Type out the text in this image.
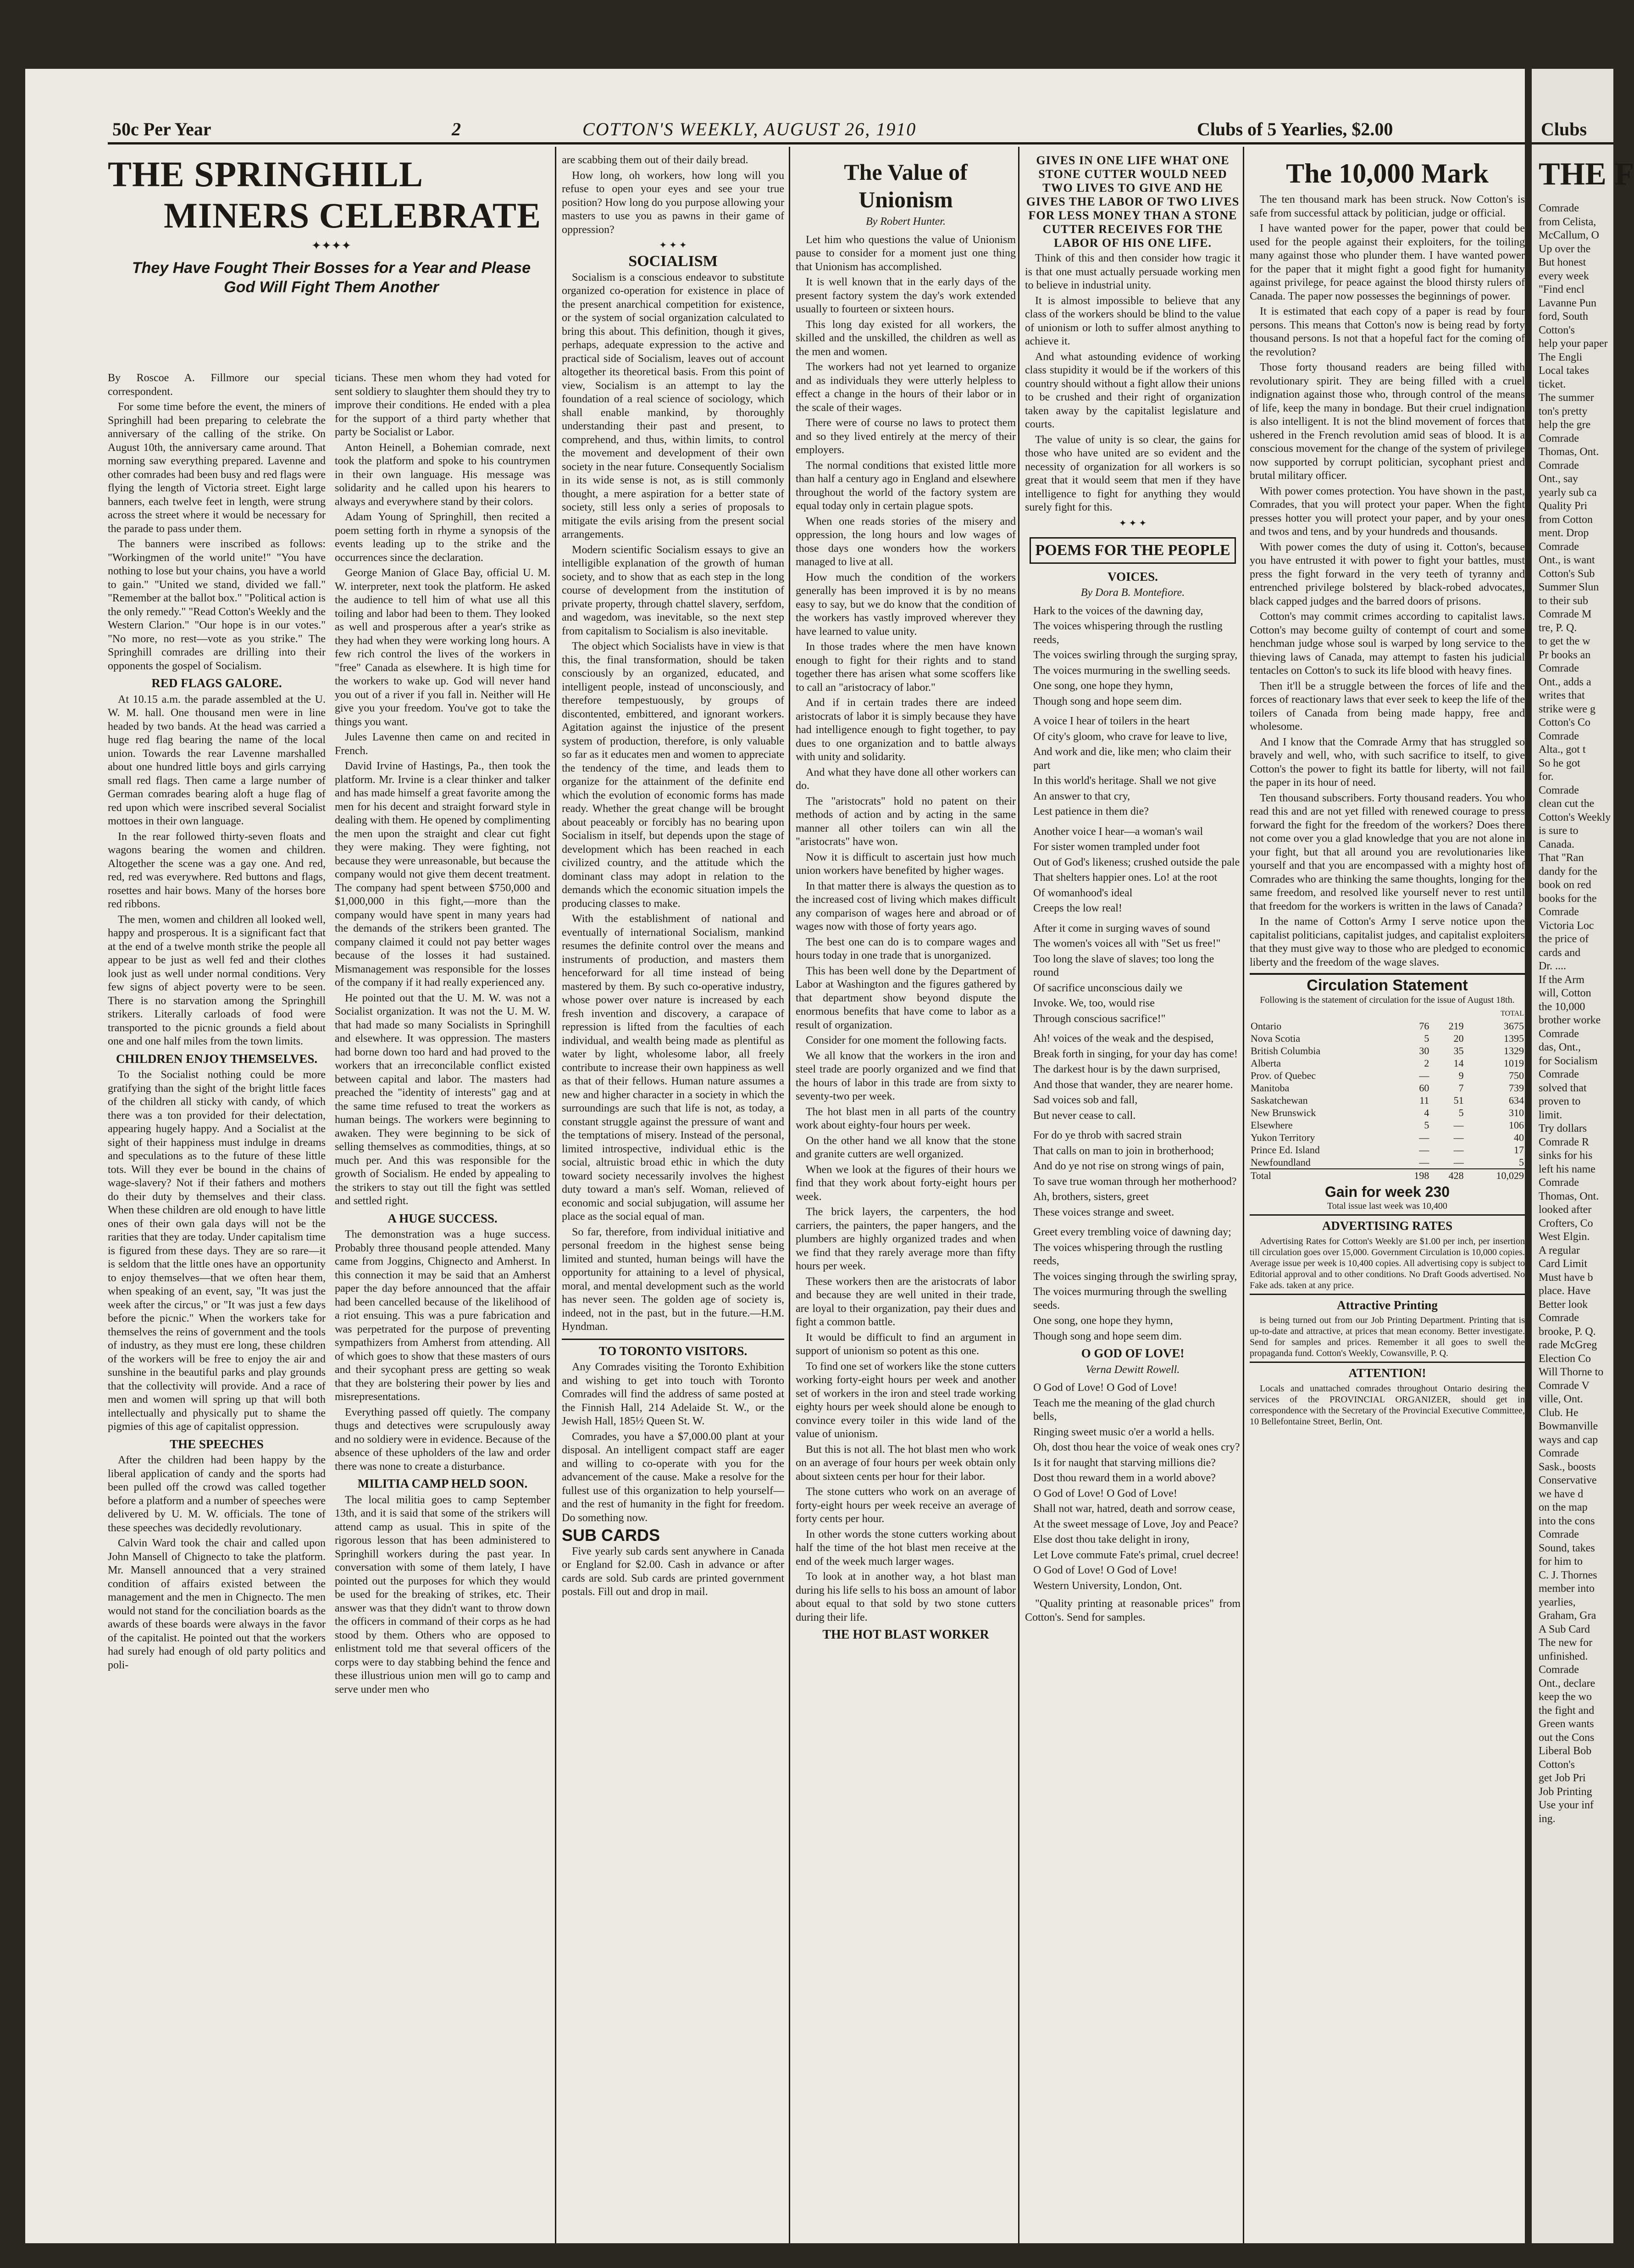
50c Per Year	2	COTTON'S WEEKLY, AUGUST 26, 1910	Clubs of 5 Yearlies, $2.00
THE SPRINGHILL
MINERS CELEBRATE
✦✦✦✦
They Have Fought Their Bosses for a Year and Please God Will Fight Them Another

By Roscoe A. Fillmore our special correspondent.

For some time before the event, the miners of Springhill had been preparing to celebrate the anniversary of the calling of the strike. On August 10th, the anniversary came around. That morning saw everything prepared. Lavenne and other comrades had been busy and red flags were flying the length of Victoria street. Eight large banners, each twelve feet in length, were strung across the street where it would be necessary for the parade to pass under them.

The banners were inscribed as follows: "Workingmen of the world unite!" "You have nothing to lose but your chains, you have a world to gain." "United we stand, divided we fall." "Remember at the ballot box." "Political action is the only remedy." "Read Cotton's Weekly and the Western Clarion." "Our hope is in our votes." "No more, no rest—vote as you strike." The Springhill comrades are drilling into their opponents the gospel of Socialism.

RED FLAGS GALORE.

At 10.15 a.m. the parade assembled at the U. W. M. hall. One thousand men were in line headed by two bands. At the head was carried a huge red flag bearing the name of the local union. Towards the rear Lavenne marshalled about one hundred little boys and girls carrying small red flags. Then came a large number of German comrades bearing aloft a huge flag of red upon which were inscribed several Socialist mottoes in their own language.

In the rear followed thirty-seven floats and wagons bearing the women and children. Altogether the scene was a gay one. And red, red, red was everywhere. Red buttons and flags, rosettes and hair bows. Many of the horses bore red ribbons.

The men, women and children all looked well, happy and prosperous. It is a significant fact that at the end of a twelve month strike the people all appear to be just as well fed and their clothes look just as well under normal conditions. Very few signs of abject poverty were to be seen. There is no starvation among the Springhill strikers. Literally carloads of food were transported to the picnic grounds a field about one and one half miles from the town limits.

CHILDREN ENJOY THEMSELVES.

To the Socialist nothing could be more gratifying than the sight of the bright little faces of the children all sticky with candy, of which there was a ton provided for their delectation, appearing hugely happy. And a Socialist at the sight of their happiness must indulge in dreams and speculations as to the future of these little tots. Will they ever be bound in the chains of wage-slavery? Not if their fathers and mothers do their duty by themselves and their class. When these children are old enough to have little ones of their own gala days will not be the rarities that they are today. Under capitalism time is figured from these days. They are so rare—it is seldom that the little ones have an opportunity to enjoy themselves—that we often hear them, when speaking of an event, say, "It was just the week after the circus," or "It was just a few days before the picnic." When the workers take for themselves the reins of government and the tools of industry, as they must ere long, these children of the workers will be free to enjoy the air and sunshine in the beautiful parks and play grounds that the collectivity will provide. And a race of men and women will spring up that will both intellectually and physically put to shame the pigmies of this age of capitalist oppression.

THE SPEECHES

After the children had been happy by the liberal application of candy and the sports had been pulled off the crowd was called together before a platform and a number of speeches were delivered by U. M. W. officials. The tone of these speeches was decidedly revolutionary.

Calvin Ward took the chair and called upon John Mansell of Chignecto to take the platform. Mr. Mansell announced that a very strained condition of affairs existed between the management and the men in Chignecto. The men would not stand for the conciliation boards as the awards of these boards were always in the favor of the capitalist. He pointed out that the workers had surely had enough of old party politics and poli-

ticians. These men whom they had voted for sent soldiery to slaughter them should they try to improve their conditions. He ended with a plea for the support of a third party whether that party be Socialist or Labor.

Anton Heinell, a Bohemian comrade, next took the platform and spoke to his countrymen in their own language. His message was solidarity and he called upon his hearers to always and everywhere stand by their colors.

Adam Young of Springhill, then recited a poem setting forth in rhyme a synopsis of the events leading up to the strike and the occurrences since the declaration.

George Manion of Glace Bay, official U. M. W. interpreter, next took the platform. He asked the audience to tell him of what use all this toiling and labor had been to them. They looked as well and prosperous after a year's strike as they had when they were working long hours. A few rich control the lives of the workers in "free" Canada as elsewhere. It is high time for the workers to wake up. God will never hand you out of a river if you fall in. Neither will He give you your freedom. You've got to take the things you want.

Jules Lavenne then came on and recited in French.

David Irvine of Hastings, Pa., then took the platform. Mr. Irvine is a clear thinker and talker and has made himself a great favorite among the men for his decent and straight forward style in dealing with them. He opened by complimenting the men upon the straight and clear cut fight they were making. They were fighting, not because they were unreasonable, but because the company would not give them decent treatment. The company had spent between $750,000 and $1,000,000 in this fight,—more than the company would have spent in many years had the demands of the strikers been granted. The company claimed it could not pay better wages because of the losses it had sustained. Mismanagement was responsible for the losses of the company if it had really experienced any.

He pointed out that the U. M. W. was not a Socialist organization. It was not the U. M. W. that had made so many Socialists in Springhill and elsewhere. It was oppression. The masters had borne down too hard and had proved to the workers that an irreconcilable conflict existed between capital and labor. The masters had preached the "identity of interests" gag and at the same time refused to treat the workers as human beings. The workers were beginning to awaken. They were beginning to be sick of selling themselves as commodities, things, at so much per. And this was responsible for the growth of Socialism. He ended by appealing to the strikers to stay out till the fight was settled and settled right.

A HUGE SUCCESS.

The demonstration was a huge success. Probably three thousand people attended. Many came from Joggins, Chignecto and Amherst. In this connection it may be said that an Amherst paper the day before announced that the affair had been cancelled because of the likelihood of a riot ensuing. This was a pure fabrication and was perpetrated for the purpose of preventing sympathizers from Amherst from attending. All of which goes to show that these masters of ours and their sycophant press are getting so weak that they are bolstering their power by lies and misrepresentations.

Everything passed off quietly. The company thugs and detectives were scrupulously away and no soldiery were in evidence. Because of the absence of these upholders of the law and order there was none to create a disturbance.

MILITIA CAMP HELD SOON.

The local militia goes to camp September 13th, and it is said that some of the strikers will attend camp as usual. This in spite of the rigorous lesson that has been administered to Springhill workers during the past year. In conversation with some of them lately, I have pointed out the purposes for which they would be used for the breaking of strikes, etc. Their answer was that they didn't want to throw down the officers in command of their corps as he had stood by them. Others who are opposed to enlistment told me that several officers of the corps were to day stabbing behind the fence and these illustrious union men will go to camp and serve under men who

are scabbing them out of their daily bread.

How long, oh workers, how long will you refuse to open your eyes and see your true position? How long do you purpose allowing your masters to use you as pawns in their game of oppression?

✦ ✦ ✦

SOCIALISM

Socialism is a conscious endeavor to substitute organized co-operation for existence in place of the present anarchical competition for existence, or the system of social organization calculated to bring this about. This definition, though it gives, perhaps, adequate expression to the active and practical side of Socialism, leaves out of account altogether its theoretical basis. From this point of view, Socialism is an attempt to lay the foundation of a real science of sociology, which shall enable mankind, by thoroughly understanding their past and present, to comprehend, and thus, within limits, to control the movement and development of their own society in the near future. Consequently Socialism in its wide sense is not, as is still commonly thought, a mere aspiration for a better state of society, still less only a series of proposals to mitigate the evils arising from the present social arrangements.

Modern scientific Socialism essays to give an intelligible explanation of the growth of human society, and to show that as each step in the long course of development from the institution of private property, through chattel slavery, serfdom, and wagedom, was inevitable, so the next step from capitalism to Socialism is also inevitable.

The object which Socialists have in view is that this, the final transformation, should be taken consciously by an organized, educated, and intelligent people, instead of unconsciously, and therefore tempestuously, by groups of discontented, embittered, and ignorant workers. Agitation against the injustice of the present system of production, therefore, is only valuable so far as it educates men and women to appreciate the tendency of the time, and leads them to organize for the attainment of the definite end which the evolution of economic forms has made ready. Whether the great change will be brought about peaceably or forcibly has no bearing upon Socialism in itself, but depends upon the stage of development which has been reached in each civilized country, and the attitude which the dominant class may adopt in relation to the demands which the economic situation impels the producing classes to make.

With the establishment of national and eventually of international Socialism, mankind resumes the definite control over the means and instruments of production, and masters them henceforward for all time instead of being mastered by them. By such co-operative industry, whose power over nature is increased by each fresh invention and discovery, a carapace of repression is lifted from the faculties of each individual, and wealth being made as plentiful as water by light, wholesome labor, all freely contribute to increase their own happiness as well as that of their fellows. Human nature assumes a new and higher character in a society in which the surroundings are such that life is not, as today, a constant struggle against the pressure of want and the temptations of misery. Instead of the personal, limited introspective, individual ethic is the social, altruistic broad ethic in which the duty toward society necessarily involves the highest duty toward a man's self. Woman, relieved of economic and social subjugation, will assume her place as the social equal of man.

So far, therefore, from individual initiative and personal freedom in the highest sense being limited and stunted, human beings will have the opportunity for attaining to a level of physical, moral, and mental development such as the world has never seen. The golden age of society is, indeed, not in the past, but in the future.—H.M. Hyndman.

TO TORONTO VISITORS.

Any Comrades visiting the Toronto Exhibition and wishing to get into touch with Toronto Comrades will find the address of same posted at the Finnish Hall, 214 Adelaide St. W., or the Jewish Hall, 185½ Queen St. W.

Comrades, you have a $7,000.00 plant at your disposal. An intelligent compact staff are eager and willing to co-operate with you for the advancement of the cause. Make a resolve for the fullest use of this organization to help yourself—and the rest of humanity in the fight for freedom. Do something now.

SUB CARDS

Five yearly sub cards sent anywhere in Canada or England for $2.00. Cash in advance or after cards are sold. Sub cards are printed government postals. Fill out and drop in mail.

The Value of Unionism

By Robert Hunter.

Let him who questions the value of Unionism pause to consider for a moment just one thing that Unionism has accomplished.

It is well known that in the early days of the present factory system the day's work extended usually to fourteen or sixteen hours.

This long day existed for all workers, the skilled and the unskilled, the children as well as the men and women.

The workers had not yet learned to organize and as individuals they were utterly helpless to effect a change in the hours of their labor or in the scale of their wages.

There were of course no laws to protect them and so they lived entirely at the mercy of their employers.

The normal conditions that existed little more than half a century ago in England and elsewhere throughout the world of the factory system are equal today only in certain plague spots.

When one reads stories of the misery and oppression, the long hours and low wages of those days one wonders how the workers managed to live at all.

How much the condition of the workers generally has been improved it is by no means easy to say, but we do know that the condition of the workers has vastly improved wherever they have learned to value unity.

In those trades where the men have known enough to fight for their rights and to stand together there has arisen what some scoffers like to call an "aristocracy of labor."

And if in certain trades there are indeed aristocrats of labor it is simply because they have had intelligence enough to fight together, to pay dues to one organization and to battle always with unity and solidarity.

And what they have done all other workers can do.

The "aristocrats" hold no patent on their methods of action and by acting in the same manner all other toilers can win all the "aristocrats" have won.

Now it is difficult to ascertain just how much union workers have benefited by higher wages.

In that matter there is always the question as to the increased cost of living which makes difficult any comparison of wages here and abroad or of wages now with those of forty years ago.

The best one can do is to compare wages and hours today in one trade that is unorganized.

This has been well done by the Department of Labor at Washington and the figures gathered by that department show beyond dispute the enormous benefits that have come to labor as a result of organization.

Consider for one moment the following facts.

We all know that the workers in the iron and steel trade are poorly organized and we find that the hours of labor in this trade are from sixty to seventy-two per week.

The hot blast men in all parts of the country work about eighty-four hours per week.

On the other hand we all know that the stone and granite cutters are well organized.

When we look at the figures of their hours we find that they work about forty-eight hours per week.

The brick layers, the carpenters, the hod carriers, the painters, the paper hangers, and the plumbers are highly organized trades and when we find that they rarely average more than fifty hours per week.

These workers then are the aristocrats of labor and because they are well united in their trade, are loyal to their organization, pay their dues and fight a common battle.

It would be difficult to find an argument in support of unionism so potent as this one.

To find one set of workers like the stone cutters working forty-eight hours per week and another set of workers in the iron and steel trade working eighty hours per week should alone be enough to convince every toiler in this wide land of the value of unionism.

But this is not all. The hot blast men who work on an average of four hours per week obtain only about sixteen cents per hour for their labor.

The stone cutters who work on an average of forty-eight hours per week receive an average of forty cents per hour.

In other words the stone cutters working about half the time of the hot blast men receive at the end of the week much larger wages.

To look at in another way, a hot blast man during his life sells to his boss an amount of labor about equal to that sold by two stone cutters during their life.

THE HOT BLAST WORKER

GIVES IN ONE LIFE WHAT ONE STONE CUTTER WOULD NEED TWO LIVES TO GIVE AND HE GIVES THE LABOR OF TWO LIVES FOR LESS MONEY THAN A STONE CUTTER RECEIVES FOR THE LABOR OF HIS ONE LIFE.

Think of this and then consider how tragic it is that one must actually persuade working men to believe in industrial unity.

It is almost impossible to believe that any class of the workers should be blind to the value of unionism or loth to suffer almost anything to achieve it.

And what astounding evidence of working class stupidity it would be if the workers of this country should without a fight allow their unions to be crushed and their right of organization taken away by the capitalist legislature and courts.

The value of unity is so clear, the gains for those who have united are so evident and the necessity of organization for all workers is so great that it would seem that men if they have intelligence to fight for anything they would surely fight for this.

✦ ✦ ✦
POEMS FOR THE PEOPLE

VOICES.

By Dora B. Montefiore.

Hark to the voices of the dawning day,

The voices whispering through the rustling reeds,

The voices swirling through the surging spray,

The voices murmuring in the swelling seeds.

One song, one hope they hymn,

Though song and hope seem dim.

A voice I hear of toilers in the heart

Of city's gloom, who crave for leave to live,

And work and die, like men; who claim their part

In this world's heritage. Shall we not give

An answer to that cry,

Lest patience in them die?

Another voice I hear—a woman's wail

For sister women trampled under foot

Out of God's likeness; crushed outside the pale

That shelters happier ones. Lo! at the root

Of womanhood's ideal

Creeps the low real!

After it come in surging waves of sound

The women's voices all with "Set us free!"

Too long the slave of slaves; too long the round

Of sacrifice unconscious daily we

Invoke. We, too, would rise

Through conscious sacrifice!"

Ah! voices of the weak and the despised,

Break forth in singing, for your day has come!

The darkest hour is by the dawn surprised,

And those that wander, they are nearer home.

Sad voices sob and fall,

But never cease to call.

For do ye throb with sacred strain

That calls on man to join in brotherhood;

And do ye not rise on strong wings of pain,

To save true woman through her motherhood?

Ah, brothers, sisters, greet

These voices strange and sweet.

Greet every trembling voice of dawning day;

The voices whispering through the rustling reeds,

The voices singing through the swirling spray,

The voices murmuring through the swelling seeds.

One song, one hope they hymn,

Though song and hope seem dim.

O GOD OF LOVE!

Verna Dewitt Rowell.

O God of Love! O God of Love!

Teach me the meaning of the glad church bells,

Ringing sweet music o'er a world a hells.

Oh, dost thou hear the voice of weak ones cry?

Is it for naught that starving millions die?

Dost thou reward them in a world above?

O God of Love! O God of Love!

Shall not war, hatred, death and sorrow cease,

At the sweet message of Love, Joy and Peace?

Else dost thou take delight in irony,

Let Love commute Fate's primal, cruel decree!

O God of Love! O God of Love!

Western University, London, Ont.

"Quality printing at reasonable prices" from Cotton's. Send for samples.

The 10,000 Mark

The ten thousand mark has been struck. Now Cotton's is safe from successful attack by politician, judge or official.

I have wanted power for the paper, power that could be used for the people against their exploiters, for the toiling many against those who plunder them. I have wanted power for the paper that it might fight a good fight for humanity against privilege, for peace against the blood thirsty rulers of Canada. The paper now possesses the beginnings of power.

It is estimated that each copy of a paper is read by four persons. This means that Cotton's now is being read by forty thousand persons. Is not that a hopeful fact for the coming of the revolution?

Those forty thousand readers are being filled with revolutionary spirit. They are being filled with a cruel indignation against those who, through control of the means of life, keep the many in bondage. But their cruel indignation is also intelligent. It is not the blind movement of forces that ushered in the French revolution amid seas of blood. It is a conscious movement for the change of the system of privilege now supported by corrupt politician, sycophant priest and brutal military officer.

With power comes protection. You have shown in the past, Comrades, that you will protect your paper. When the fight presses hotter you will protect your paper, and by your ones and twos and tens, and by your hundreds and thousands.

With power comes the duty of using it. Cotton's, because you have entrusted it with power to fight your battles, must press the fight forward in the very teeth of tyranny and entrenched privilege bolstered by black-robed advocates, black capped judges and the barred doors of prisons.

Cotton's may commit crimes according to capitalist laws. Cotton's may become guilty of contempt of court and some henchman judge whose soul is warped by long service to the thieving laws of Canada, may attempt to fasten his judicial tentacles on Cotton's to suck its life blood with heavy fines.

Then it'll be a struggle between the forces of life and the forces of reactionary laws that ever seek to keep the life of the toilers of Canada from being made happy, free and wholesome.

And I know that the Comrade Army that has struggled so bravely and well, who, with such sacrifice to itself, to give Cotton's the power to fight its battle for liberty, will not fail the paper in its hour of need.

Ten thousand subscribers. Forty thousand readers. You who read this and are not yet filled with renewed courage to press forward the fight for the freedom of the workers? Does there not come over you a glad knowledge that you are not alone in your fight, but that all around you are revolutionaries like yourself and that you are encompassed with a mighty host of Comrades who are thinking the same thoughts, longing for the same freedom, and resolved like yourself never to rest until that freedom for the workers is written in the laws of Canada?

In the name of Cotton's Army I serve notice upon the capitalist politicians, capitalist judges, and capitalist exploiters that they must give way to those who are pledged to economic liberty and the freedom of the wage slaves.

Circulation Statement

Following is the statement of circulation for the issue of August 18th.

			TOTAL
Ontario	76	219	3675
Nova Scotia	5	20	1395
British Columbia	30	35	1329
Alberta	2	14	1019
Prov. of Quebec	—	9	750
Manitoba	60	7	739
Saskatchewan	11	51	634
New Brunswick	4	5	310
Elsewhere	5	—	106
Yukon Territory	—	—	40
Prince Ed. Island	—	—	17
Newfoundland	—	—	5
Total	198	428	10,029
Gain for week 230

Total issue last week was 10,400

ADVERTISING RATES

Advertising Rates for Cotton's Weekly are $1.00 per inch, per insertion till circulation goes over 15,000. Government Circulation is 10,000 copies. Average issue per week is 10,400 copies. All advertising copy is subject to Editorial approval and to other conditions. No Draft Goods advertised. No Fake ads. taken at any price.

Attractive Printing

is being turned out from our Job Printing Department. Printing that is up-to-date and attractive, at prices that mean economy. Better investigate. Send for samples and prices. Remember it all goes to swell the propaganda fund. Cotton's Weekly, Cowansville, P. Q.

ATTENTION!

Locals and unattached comrades throughout Ontario desiring the services of the PROVINCIAL ORGANIZER, should get in correspondence with the Secretary of the Provincial Executive Committee, 10 Bellefontaine Street, Berlin, Ont.

Clubs
THE F
Comrade
from Celista,
McCallum, O
Up over the
But honest
every week
"Find encl
Lavanne Pun
ford, South
Cotton's
help your paper
The Engli
Local takes
ticket.
The summer
ton's pretty
help the gre
Comrade
Thomas, Ont.
Comrade
Ont., say
yearly sub ca
Quality Pri
from Cotton
ment. Drop
Comrade
Ont., is want
Cotton's Sub
Summer Slun
to their sub
Comrade M
tre, P. Q.
to get the w
Pr books an
Comrade
Ont., adds a
writes that
strike were g
Cotton's Co
Comrade
Alta., got t
So he got
for.
Comrade
clean cut the
Cotton's Weekly
is sure to
Canada.
That "Ran
dandy for the
book on red
books for the
Comrade
Victoria Loc
the price of
cards and
Dr. ....
If the Arm
will, Cotton
the 10,000
brother worke
Comrade
das, Ont.,
for Socialism
Comrade
solved that
proven to
limit.
Try dollars
Comrade R
sinks for his
left his name
Comrade
Thomas, Ont.
looked after
Crofters, Co
West Elgin.
A regular
Card Limit
Must have b
place. Have
Better look
Comrade
brooke, P. Q.
rade McGreg
Election Co
Will Thorne to
Comrade V
ville, Ont.
Club. He
Bowmanville
ways and cap
Comrade
Sask., boosts
Conservative
we have d
on the map
into the cons
Comrade
Sound, takes
for him to
C. J. Thornes
member into
yearlies,
Graham, Gra
A Sub Card
The new for
unfinished.
Comrade
Ont., declare
keep the wo
the fight and
Green wants
out the Cons
Liberal Bob
Cotton's
get Job Pri
Job Printing
Use your inf
ing.
